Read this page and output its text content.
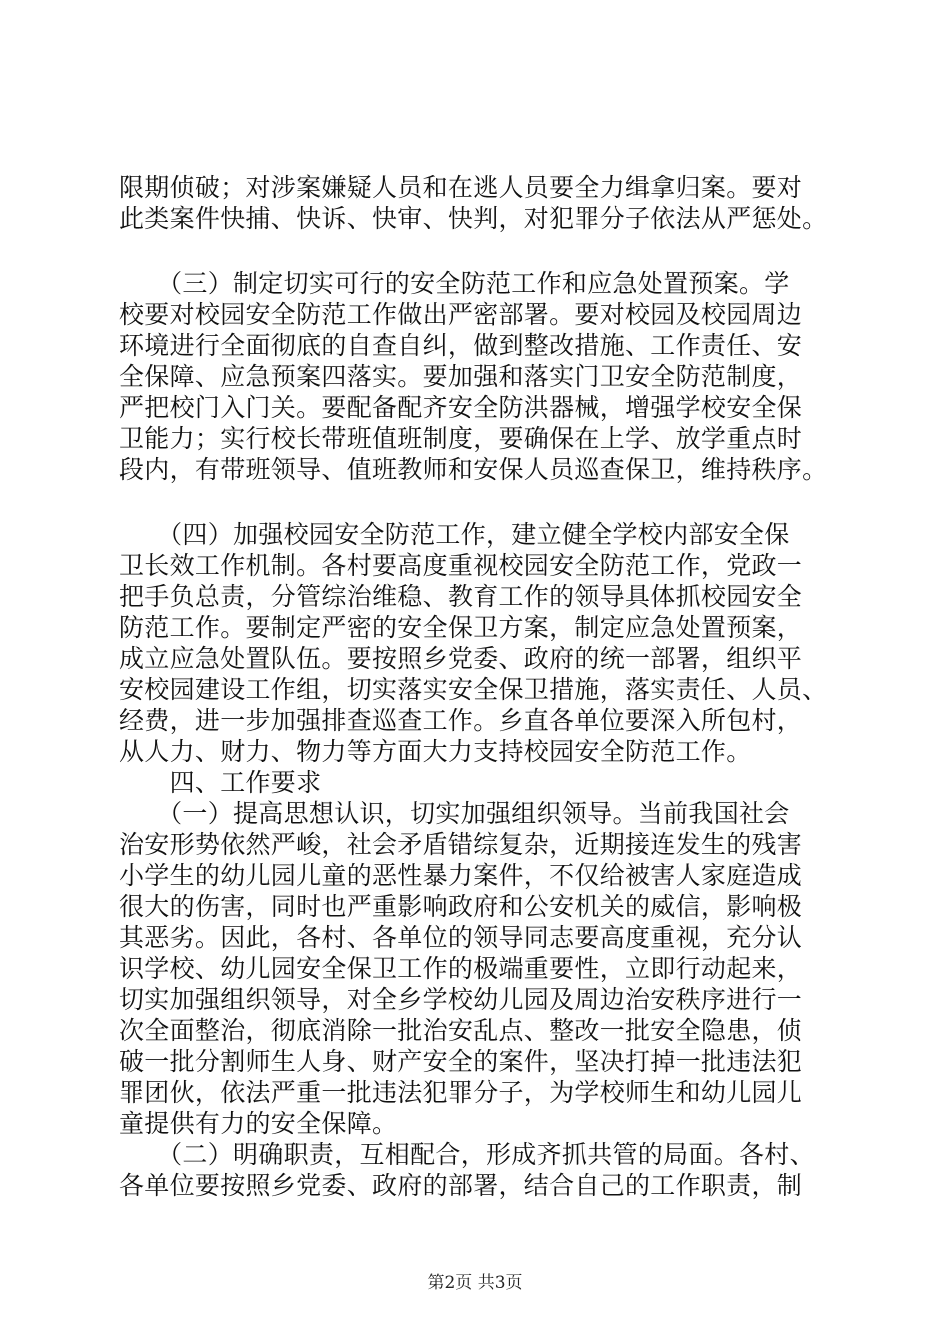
限期侦破；对涉案嫌疑人员和在逃人员要全力缉拿归案。要对
此类案件快捕、快诉、快审、快判，对犯罪分子依法从严惩处。
　　（三）制定切实可行的安全防范工作和应急处置预案。学
校要对校园安全防范工作做出严密部署。要对校园及校园周边
环境进行全面彻底的自查自纠，做到整改措施、工作责任、安
全保障、应急预案四落实。要加强和落实门卫安全防范制度，
严把校门入门关。要配备配齐安全防洪器械，增强学校安全保
卫能力；实行校长带班值班制度，要确保在上学、放学重点时
段内，有带班领导、值班教师和安保人员巡查保卫，维持秩序。
　　（四）加强校园安全防范工作，建立健全学校内部安全保
卫长效工作机制。各村要高度重视校园安全防范工作，党政一
把手负总责，分管综治维稳、教育工作的领导具体抓校园安全
防范工作。要制定严密的安全保卫方案，制定应急处置预案，
成立应急处置队伍。要按照乡党委、政府的统一部署，组织平
安校园建设工作组，切实落实安全保卫措施，落实责任、人员、
经费，进一步加强排查巡查工作。乡直各单位要深入所包村，
从人力、财力、物力等方面大力支持校园安全防范工作。
　　四、工作要求
　　（一）提高思想认识，切实加强组织领导。当前我国社会
治安形势依然严峻，社会矛盾错综复杂，近期接连发生的残害
小学生的幼儿园儿童的恶性暴力案件，不仅给被害人家庭造成
很大的伤害，同时也严重影响政府和公安机关的威信，影响极
其恶劣。因此，各村、各单位的领导同志要高度重视，充分认
识学校、幼儿园安全保卫工作的极端重要性，立即行动起来，
切实加强组织领导，对全乡学校幼儿园及周边治安秩序进行一
次全面整治，彻底消除一批治安乱点、整改一批安全隐患，侦
破一批分割师生人身、财产安全的案件，坚决打掉一批违法犯
罪团伙，依法严重一批违法犯罪分子，为学校师生和幼儿园儿
童提供有力的安全保障。
　　（二）明确职责，互相配合，形成齐抓共管的局面。各村、
各单位要按照乡党委、政府的部署，结合自己的工作职责，制
第2页 共3页
